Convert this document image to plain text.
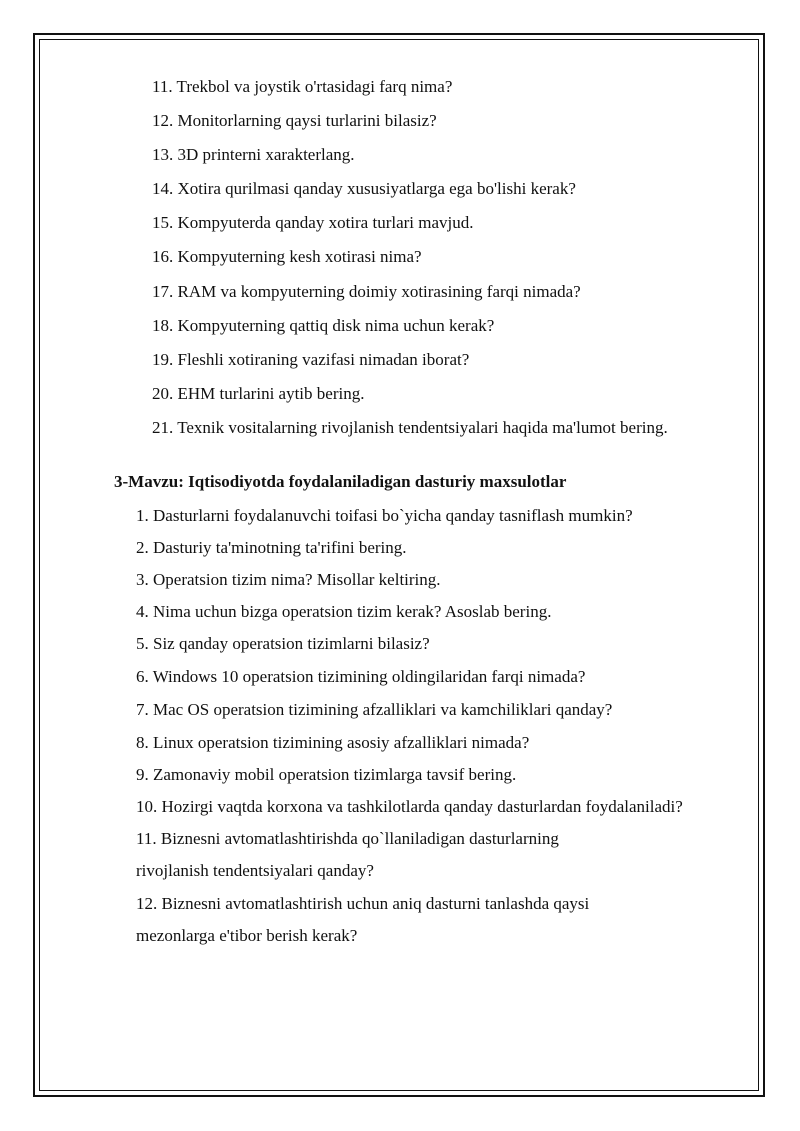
11. Trekbol va joystik o'rtasidagi farq nima?
12. Monitorlarning qaysi turlarini bilasiz?
13. 3D printerni xarakterlang.
14. Xotira qurilmasi qanday xususiyatlarga ega bo'lishi kerak?
15. Kompyuterda qanday xotira turlari mavjud.
16. Kompyuterning kesh xotirasi nima?
17. RAM va kompyuterning doimiy xotirasining farqi nimada?
18. Kompyuterning qattiq disk nima uchun kerak?
19. Fleshli xotiraning vazifasi nimadan iborat?
20. EHM turlarini aytib bering.
21. Texnik vositalarning rivojlanish tendentsiyalari haqida ma'lumot bering.
3-Mavzu: Iqtisodiyotda foydalaniladigan dasturiy maxsulotlar
1. Dasturlarni foydalanuvchi toifasi bo`yicha qanday tasniflash mumkin?
2. Dasturiy ta'minotning ta'rifini bering.
3. Operatsion tizim nima? Misollar keltiring.
4. Nima uchun bizga operatsion tizim kerak? Asoslab bering.
5. Siz qanday operatsion tizimlarni bilasiz?
6. Windows 10 operatsion tizimining oldingilaridan farqi nimada?
7. Mac OS operatsion tizimining afzalliklari va kamchiliklari qanday?
8. Linux operatsion tizimining asosiy afzalliklari nimada?
9. Zamonaviy mobil operatsion tizimlarga tavsif bering.
10. Hozirgi vaqtda korxona va tashkilotlarda qanday dasturlardan foydalaniladi?
11. Biznesni avtomatlashtirishda qo`llaniladigan dasturlarning
rivojlanish tendentsiyalari qanday?
12. Biznesni avtomatlashtirish uchun aniq dasturni tanlashda qaysi
mezonlarga e'tibor berish kerak?
